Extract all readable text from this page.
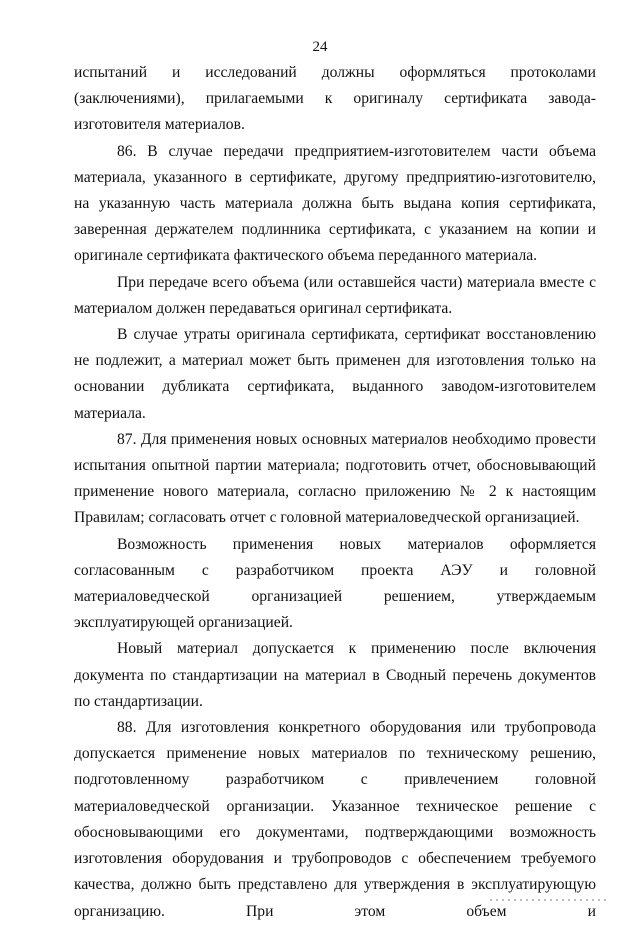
24

испытаний и исследований должны оформляться протоколами (заключениями), прилагаемыми к оригиналу сертификата завода-изготовителя материалов.

86. В случае передачи предприятием-изготовителем части объема материала, указанного в сертификате, другому предприятию-изготовителю, на указанную часть материала должна быть выдана копия сертификата, заверенная держателем подлинника сертификата, с указанием на копии и оригинале сертификата фактического объема переданного материала.

При передаче всего объема (или оставшейся части) материала вместе с материалом должен передаваться оригинал сертификата.

В случае утраты оригинала сертификата, сертификат восстановлению не подлежит, а материал может быть применен для изготовления только на основании дубликата сертификата, выданного заводом-изготовителем материала.

87. Для применения новых основных материалов необходимо провести испытания опытной партии материала; подготовить отчет, обосновывающий применение нового материала, согласно приложению № 2 к настоящим Правилам; согласовать отчет с головной материаловедческой организацией.

Возможность применения новых материалов оформляется согласованным с разработчиком проекта АЭУ и головной материаловедческой организацией решением, утверждаемым эксплуатирующей организацией.

Новый материал допускается к применению после включения документа по стандартизации на материал в Сводный перечень документов по стандартизации.

88. Для изготовления конкретного оборудования или трубопровода допускается применение новых материалов по техническому решению, подготовленному разработчиком с привлечением головной материаловедческой организации. Указанное техническое решение с обосновывающими его документами, подтверждающими возможность изготовления оборудования и трубопроводов с обеспечением требуемого качества, должно быть представлено для утверждения в эксплуатирующую организацию. При этом объем и
